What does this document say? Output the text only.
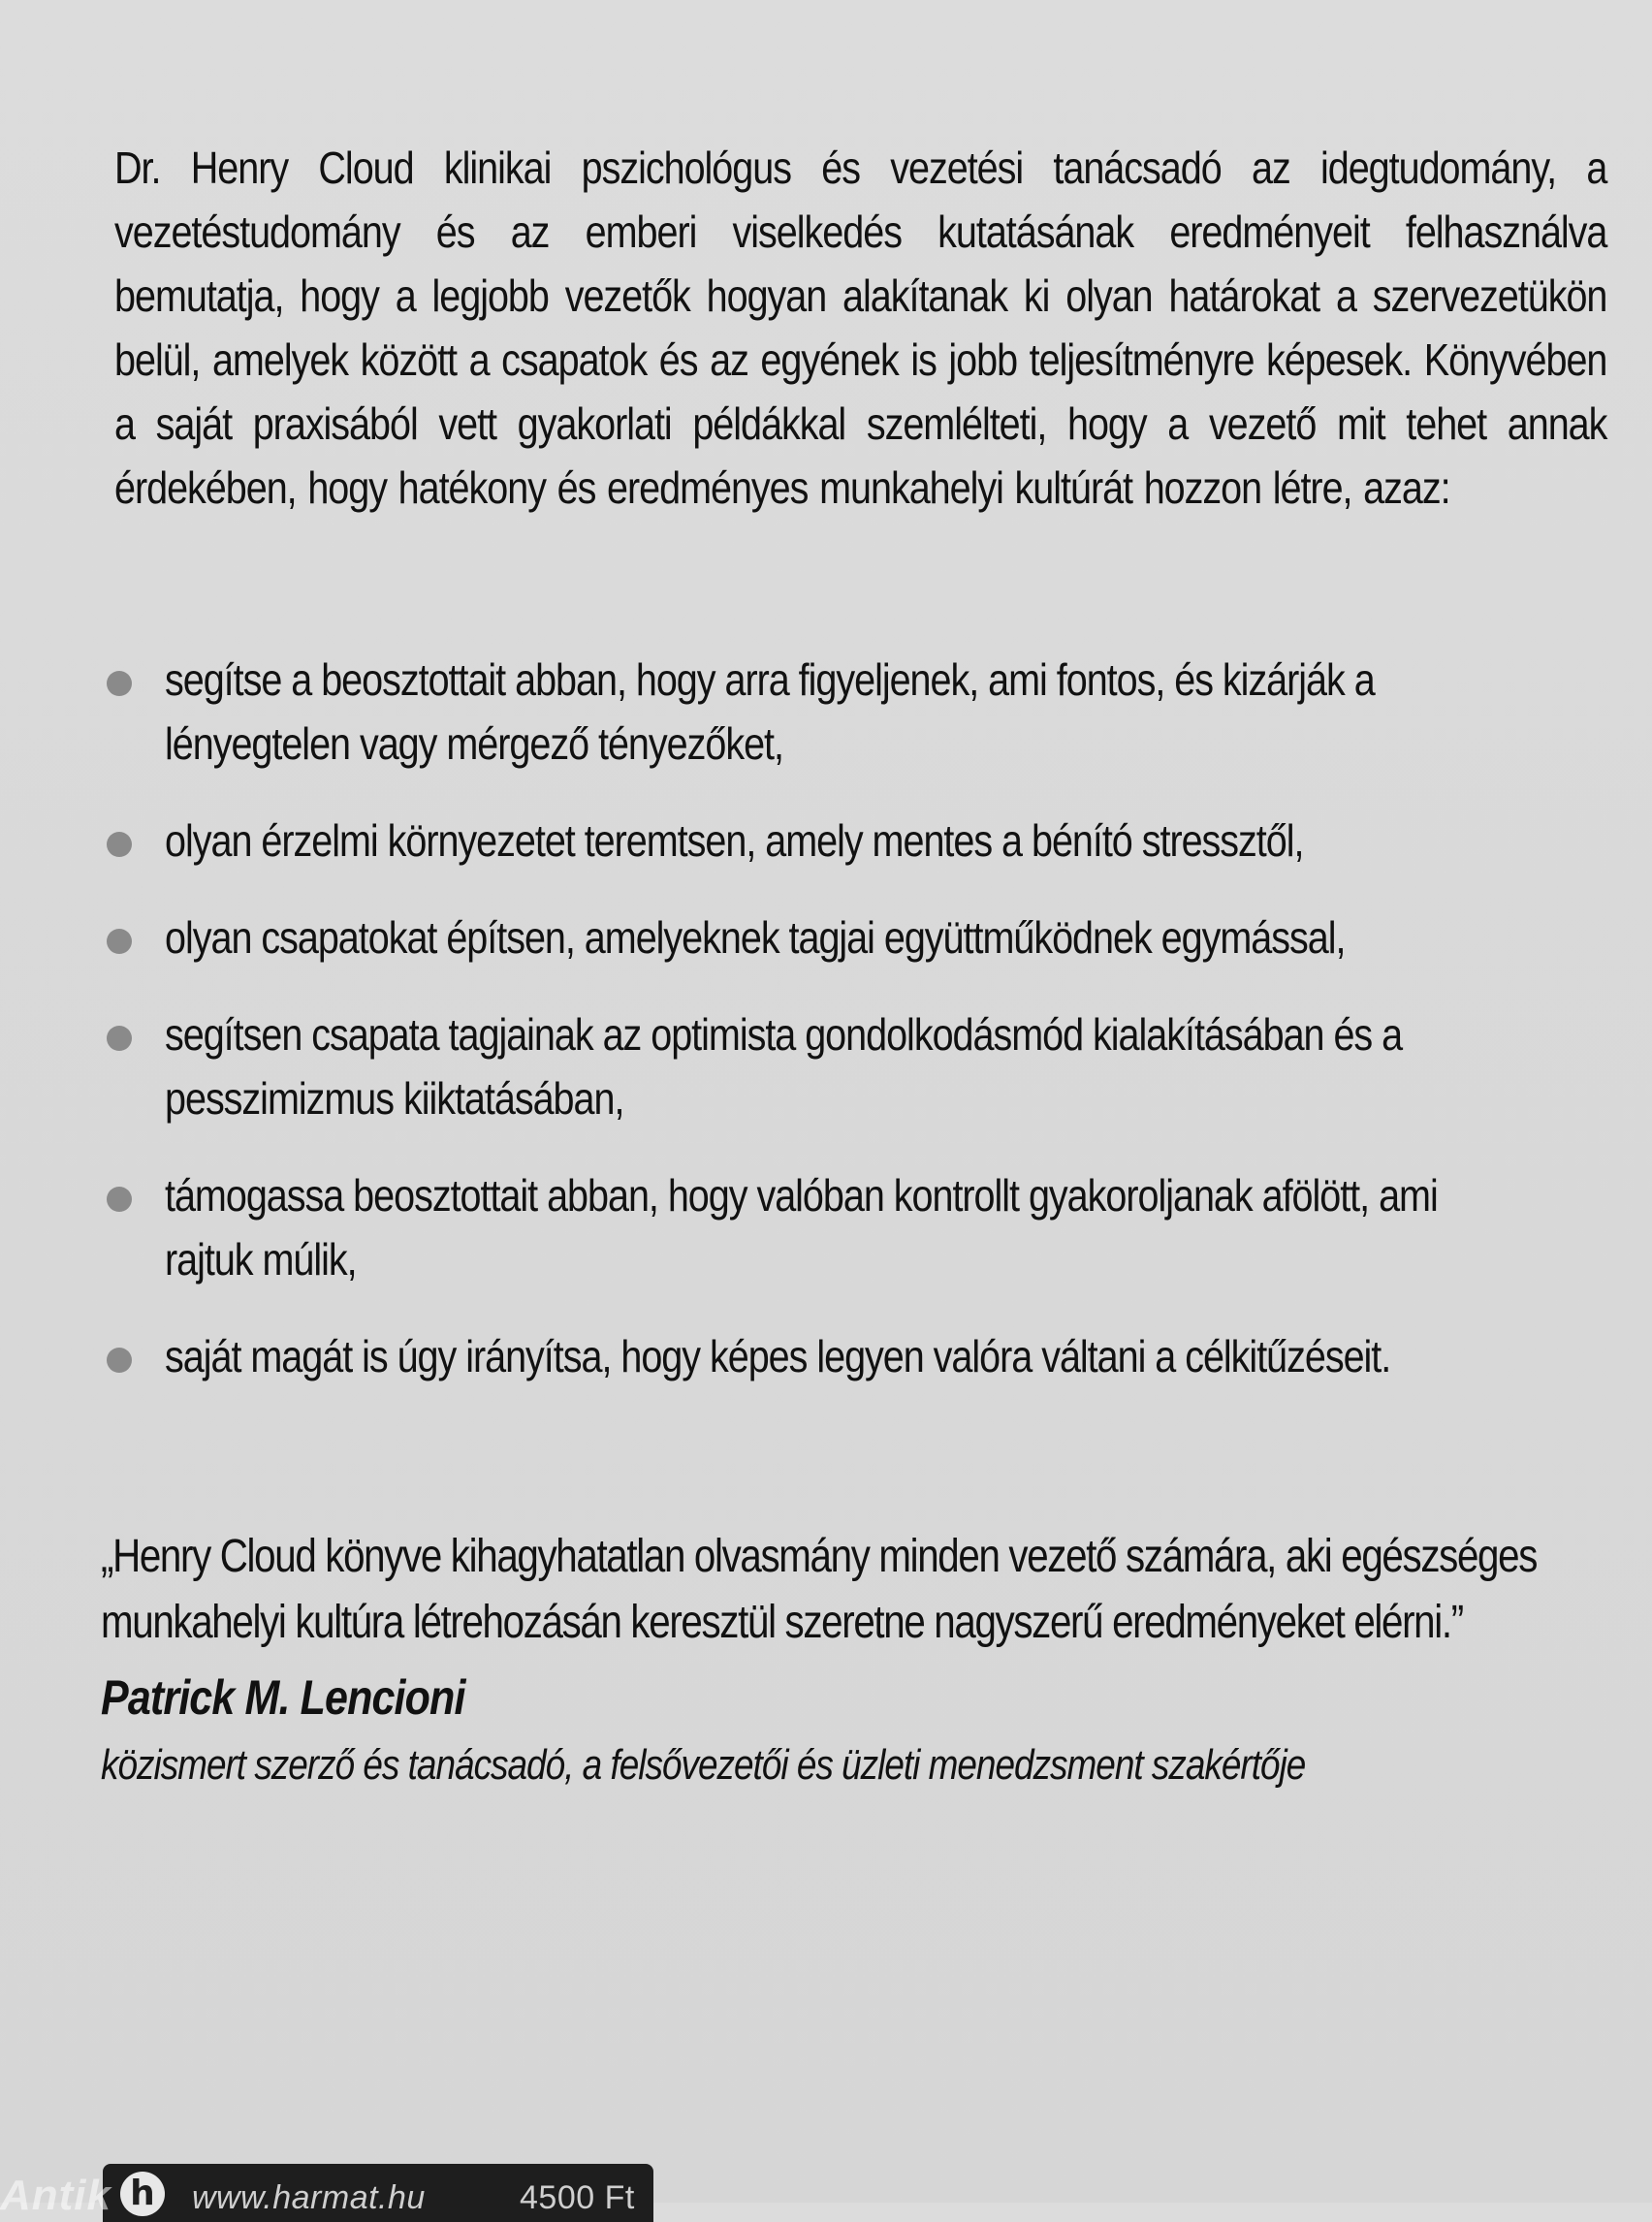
Dr. Henry Cloud klinikai pszichológus és vezetési tanácsadó az idegtudomány, a vezetéstudomány és az emberi viselkedés kutatásának eredményeit felhasználva bemutatja, hogy a legjobb vezetők hogyan alakítanak ki olyan határokat a szervezetükön belül, amelyek között a csapatok és az egyének is jobb teljesítményre képesek. Könyvében a saját praxisából vett gyakorlati példákkal szemlélteti, hogy a vezető mit tehet annak érdekében, hogy hatékony és eredményes munkahelyi kultúrát hozzon létre, azaz:

segítse a beosztottait abban, hogy arra figyeljenek, ami fontos, és kizárják a lényegtelen vagy mérgező tényezőket,
olyan érzelmi környezetet teremtsen, amely mentes a bénító stressztől,
olyan csapatokat építsen, amelyeknek tagjai együttműködnek egymással,
segítsen csapata tagjainak az optimista gondolkodásmód kialakításában és a pesszimizmus kiiktatásában,
támogassa beosztottait abban, hogy valóban kontrollt gyakoroljanak afölött, ami rajtuk múlik,
saját magát is úgy irányítsa, hogy képes legyen valóra váltani a célkitűzéseit.

„Henry Cloud könyve kihagyhatatlan olvasmány minden vezető számára, aki egészséges munkahelyi kultúra létrehozásán keresztül szeretne nagyszerű eredményeket elérni.”

Patrick M. Lencioni

közismert szerző és tanácsadó, a felsővezetői és üzleti menedzsment szakértője

h www.harmat.hu	4500 Ft
Antik
